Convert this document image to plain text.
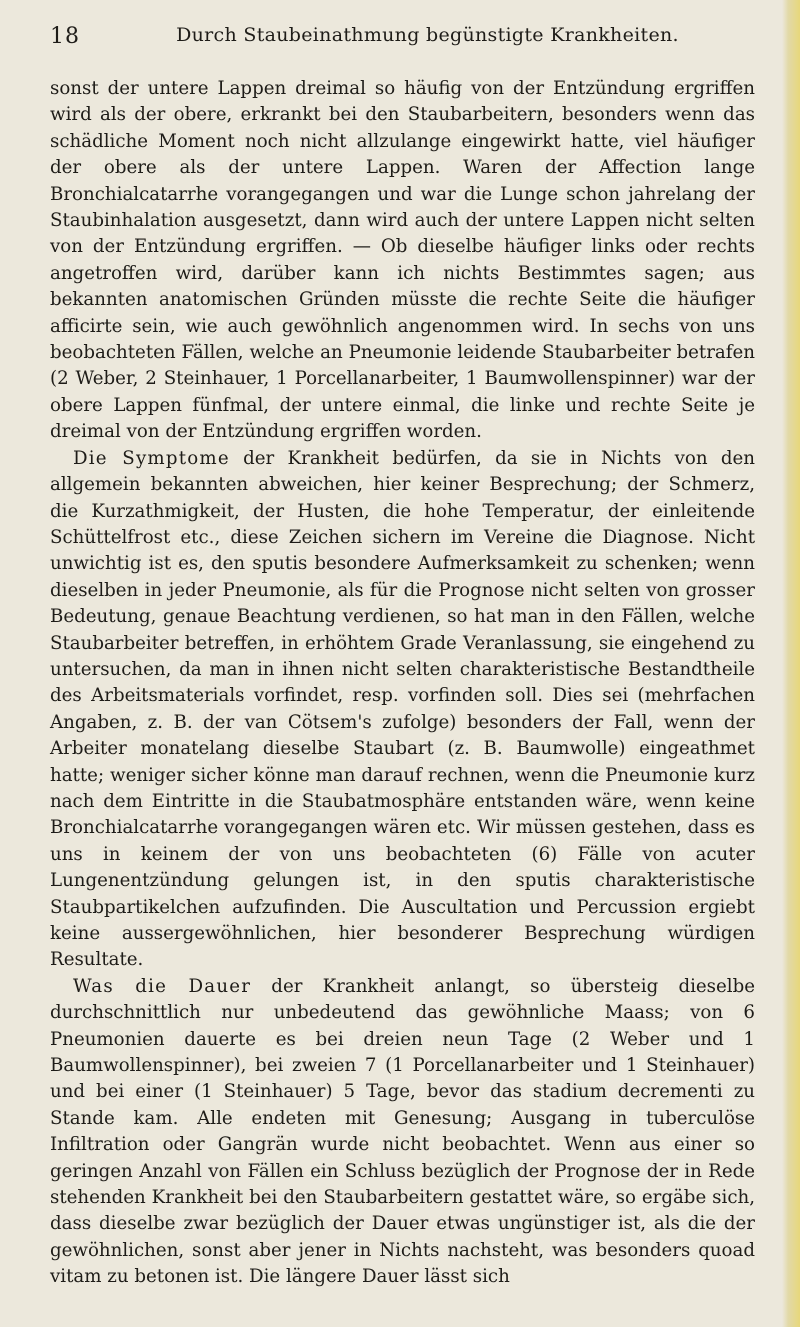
18	Durch Staubeinathmung begünstigte Krankheiten.

sonst der untere Lappen dreimal so häufig von der Entzündung ergriffen wird als der obere, erkrankt bei den Staubarbeitern, besonders wenn das schädliche Moment noch nicht allzulange eingewirkt hatte, viel häufiger der obere als der untere Lappen. Waren der Affection lange Bronchialcatarrhe vorangegangen und war die Lunge schon jahrelang der Staubinhalation ausgesetzt, dann wird auch der untere Lappen nicht selten von der Entzündung ergriffen. — Ob dieselbe häufiger links oder rechts angetroffen wird, darüber kann ich nichts Bestimmtes sagen; aus bekannten anatomischen Gründen müsste die rechte Seite die häufiger afficirte sein, wie auch gewöhnlich angenommen wird. In sechs von uns beobachteten Fällen, welche an Pneumonie leidende Staubarbeiter betrafen (2 Weber, 2 Steinhauer, 1 Porcellanarbeiter, 1 Baumwollenspinner) war der obere Lappen fünfmal, der untere einmal, die linke und rechte Seite je dreimal von der Entzündung ergriffen worden.

Die Symptome der Krankheit bedürfen, da sie in Nichts von den allgemein bekannten abweichen, hier keiner Besprechung; der Schmerz, die Kurzathmigkeit, der Husten, die hohe Temperatur, der einleitende Schüttelfrost etc., diese Zeichen sichern im Vereine die Diagnose. Nicht unwichtig ist es, den sputis besondere Aufmerksamkeit zu schenken; wenn dieselben in jeder Pneumonie, als für die Prognose nicht selten von grosser Bedeutung, genaue Beachtung verdienen, so hat man in den Fällen, welche Staubarbeiter betreffen, in erhöhtem Grade Veranlassung, sie eingehend zu untersuchen, da man in ihnen nicht selten charakteristische Bestandtheile des Arbeitsmaterials vorfindet, resp. vorfinden soll. Dies sei (mehrfachen Angaben, z. B. der van Cötsem's zufolge) besonders der Fall, wenn der Arbeiter monatelang dieselbe Staubart (z. B. Baumwolle) eingeathmet hatte; weniger sicher könne man darauf rechnen, wenn die Pneumonie kurz nach dem Eintritte in die Staubatmosphäre entstanden wäre, wenn keine Bronchialcatarrhe vorangegangen wären etc. Wir müssen gestehen, dass es uns in keinem der von uns beobachteten (6) Fälle von acuter Lungenentzündung gelungen ist, in den sputis charakteristische Staubpartikelchen aufzufinden. Die Auscultation und Percussion ergiebt keine aussergewöhnlichen, hier besonderer Besprechung würdigen Resultate.

Was die Dauer der Krankheit anlangt, so übersteig dieselbe durchschnittlich nur unbedeutend das gewöhnliche Maass; von 6 Pneumonien dauerte es bei dreien neun Tage (2 Weber und 1 Baumwollenspinner), bei zweien 7 (1 Porcellanarbeiter und 1 Steinhauer) und bei einer (1 Steinhauer) 5 Tage, bevor das stadium decrementi zu Stande kam. Alle endeten mit Genesung; Ausgang in tuberculöse Infiltration oder Gangrän wurde nicht beobachtet. Wenn aus einer so geringen Anzahl von Fällen ein Schluss bezüglich der Prognose der in Rede stehenden Krankheit bei den Staubarbeitern gestattet wäre, so ergäbe sich, dass dieselbe zwar bezüglich der Dauer etwas ungünstiger ist, als die der gewöhnlichen, sonst aber jener in Nichts nachsteht, was besonders quoad vitam zu betonen ist. Die längere Dauer lässt sich
